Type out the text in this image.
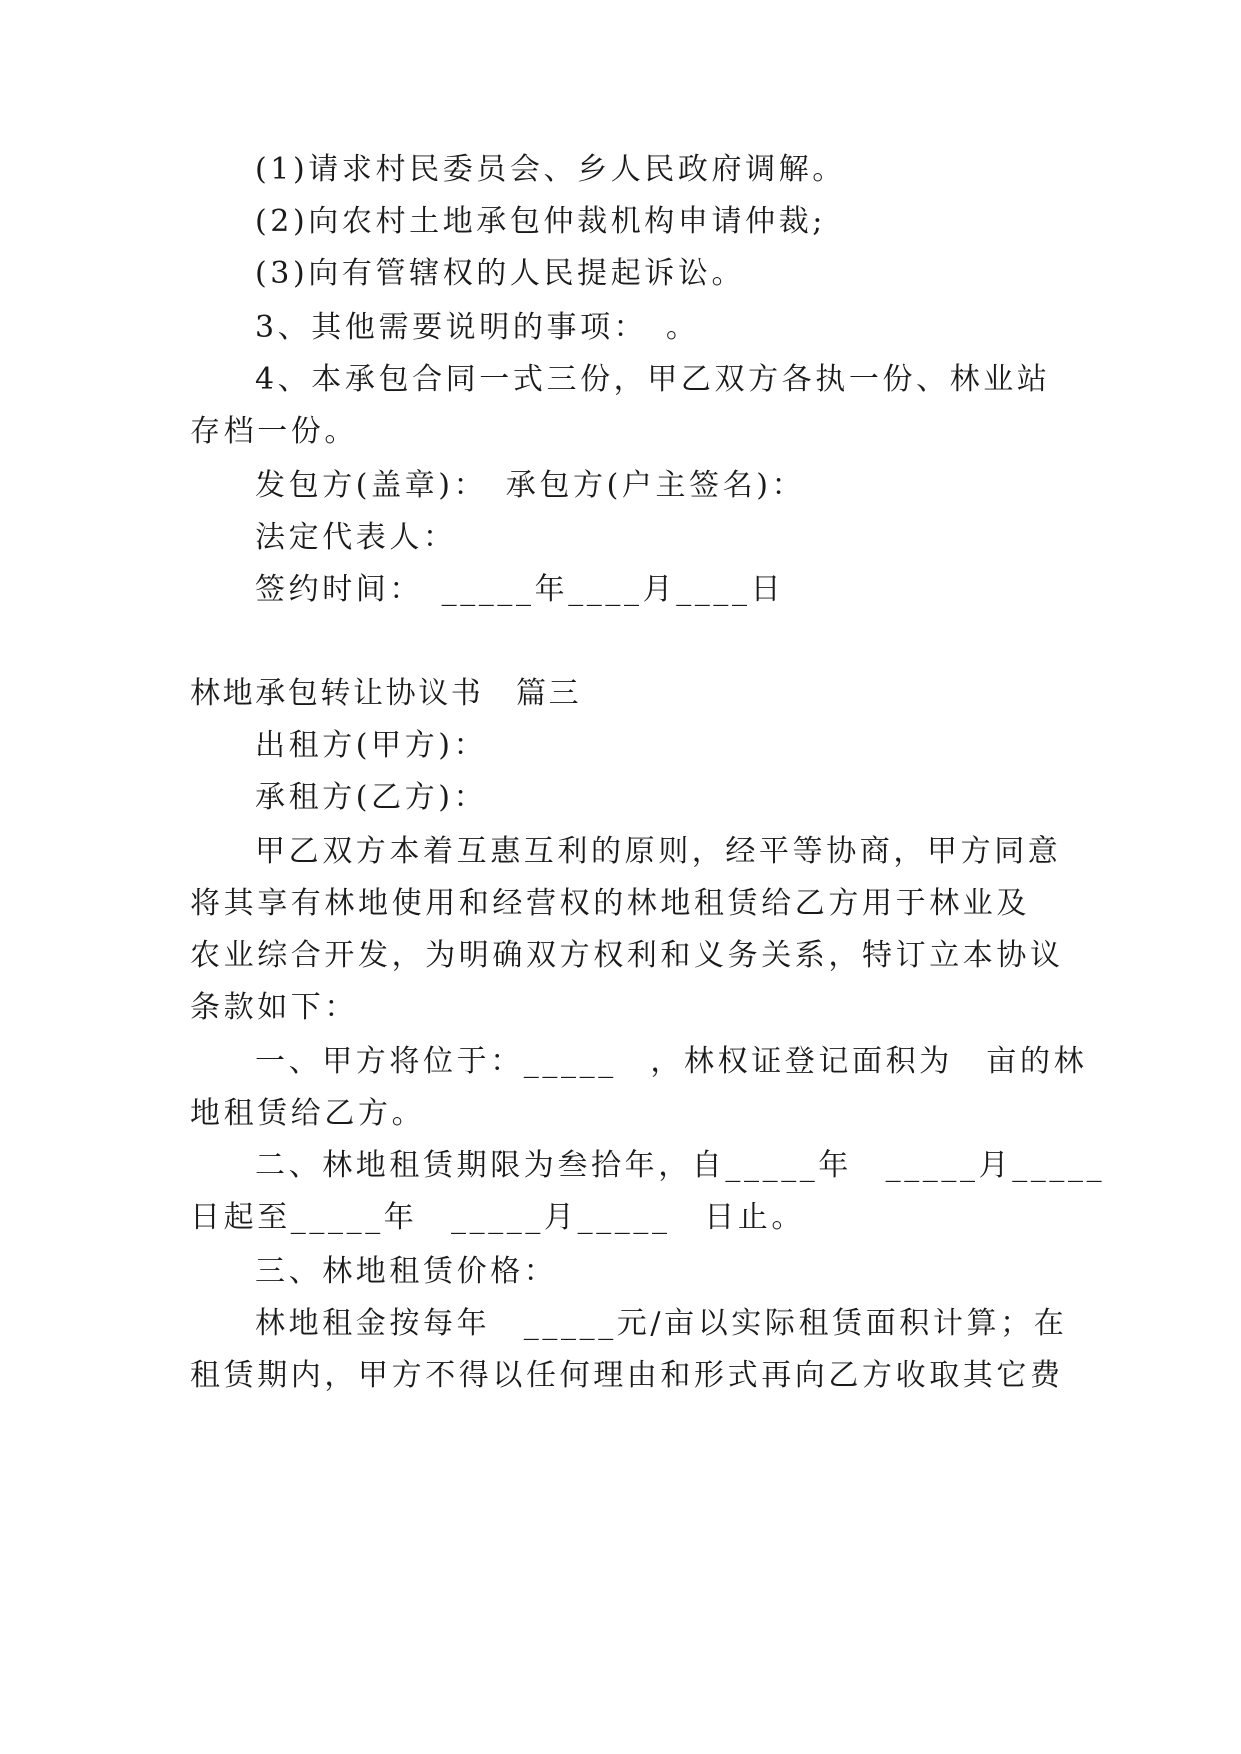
(1)请求村民委员会、乡人民政府调解。

(2)向农村土地承包仲裁机构申请仲裁;

(3)向有管辖权的人民提起诉讼。

3、其他需要说明的事项：　。

4、本承包合同一式三份，甲乙双方各执一份、林业站

存档一份。

发包方(盖章)：　承包方(户主签名)：

法定代表人：

签约时间：　_____年____月____日

林地承包转让协议书　篇三

出租方(甲方)：

承租方(乙方)：

甲乙双方本着互惠互利的原则，经平等协商，甲方同意

将其享有林地使用和经营权的林地租赁给乙方用于林业及

农业综合开发，为明确双方权利和义务关系，特订立本协议

条款如下：

一、甲方将位于：_____　，林权证登记面积为　亩的林

地租赁给乙方。

二、林地租赁期限为叁拾年，自_____年　_____月_____

日起至_____年　_____月_____　日止。

三、林地租赁价格：

林地租金按每年　_____元/亩以实际租赁面积计算；在

租赁期内，甲方不得以任何理由和形式再向乙方收取其它费
